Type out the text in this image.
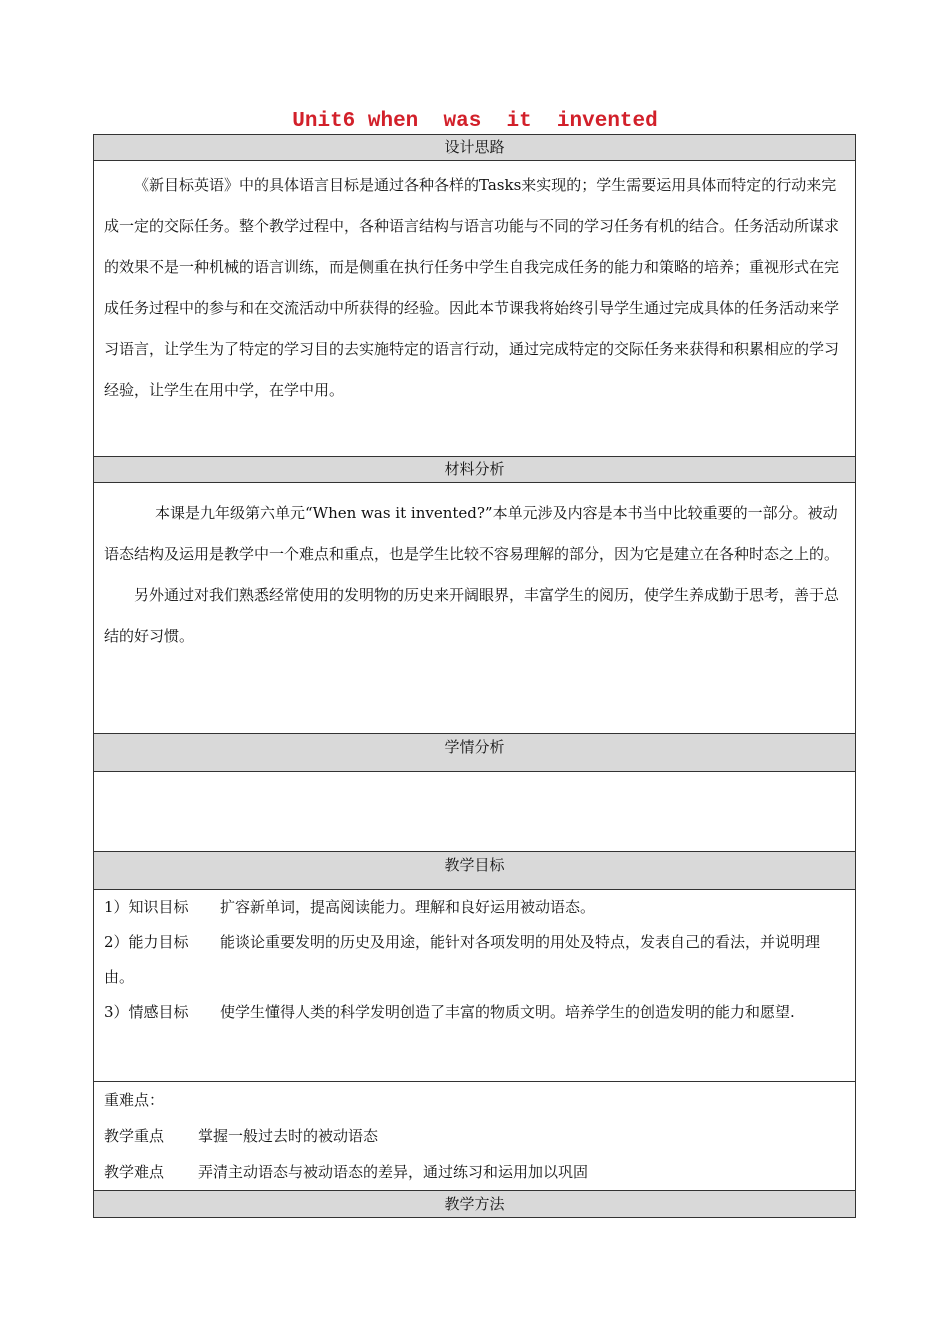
Unit6 when  was  it  invented
设计思路

《新目标英语》中的具体语言目标是通过各种各样的Tasks来实现的；学生需要运用具体而特定的行动来完成一定的交际任务。整个教学过程中，各种语言结构与语言功能与不同的学习任务有机的结合。任务活动所谋求的效果不是一种机械的语言训练，而是侧重在执行任务中学生自我完成任务的能力和策略的培养；重视形式在完成任务过程中的参与和在交流活动中所获得的经验。因此本节课我将始终引导学生通过完成具体的任务活动来学习语言，让学生为了特定的学习目的去实施特定的语言行动，通过完成特定的交际任务来获得和积累相应的学习经验，让学生在用中学，在学中用。

材料分析

本课是九年级第六单元“When was it invented?”本单元涉及内容是本书当中比较重要的一部分。被动语态结构及运用是教学中一个难点和重点，也是学生比较不容易理解的部分，因为它是建立在各种时态之上的。

另外通过对我们熟悉经常使用的发明物的历史来开阔眼界，丰富学生的阅历，使学生养成勤于思考，善于总结的好习惯。

学情分析

教学目标

1）知识目标 扩容新单词，提高阅读能力。理解和良好运用被动语态。
2）能力目标 能谈论重要发明的历史及用途，能针对各项发明的用处及特点，发表自己的看法，并说明理由。
3）情感目标 使学生懂得人类的科学发明创造了丰富的物质文明。培养学生的创造发明的能力和愿望.

重难点：
教学重点 掌握一般过去时的被动语态
教学难点 弄清主动语态与被动语态的差异，通过练习和运用加以巩固

教学方法
